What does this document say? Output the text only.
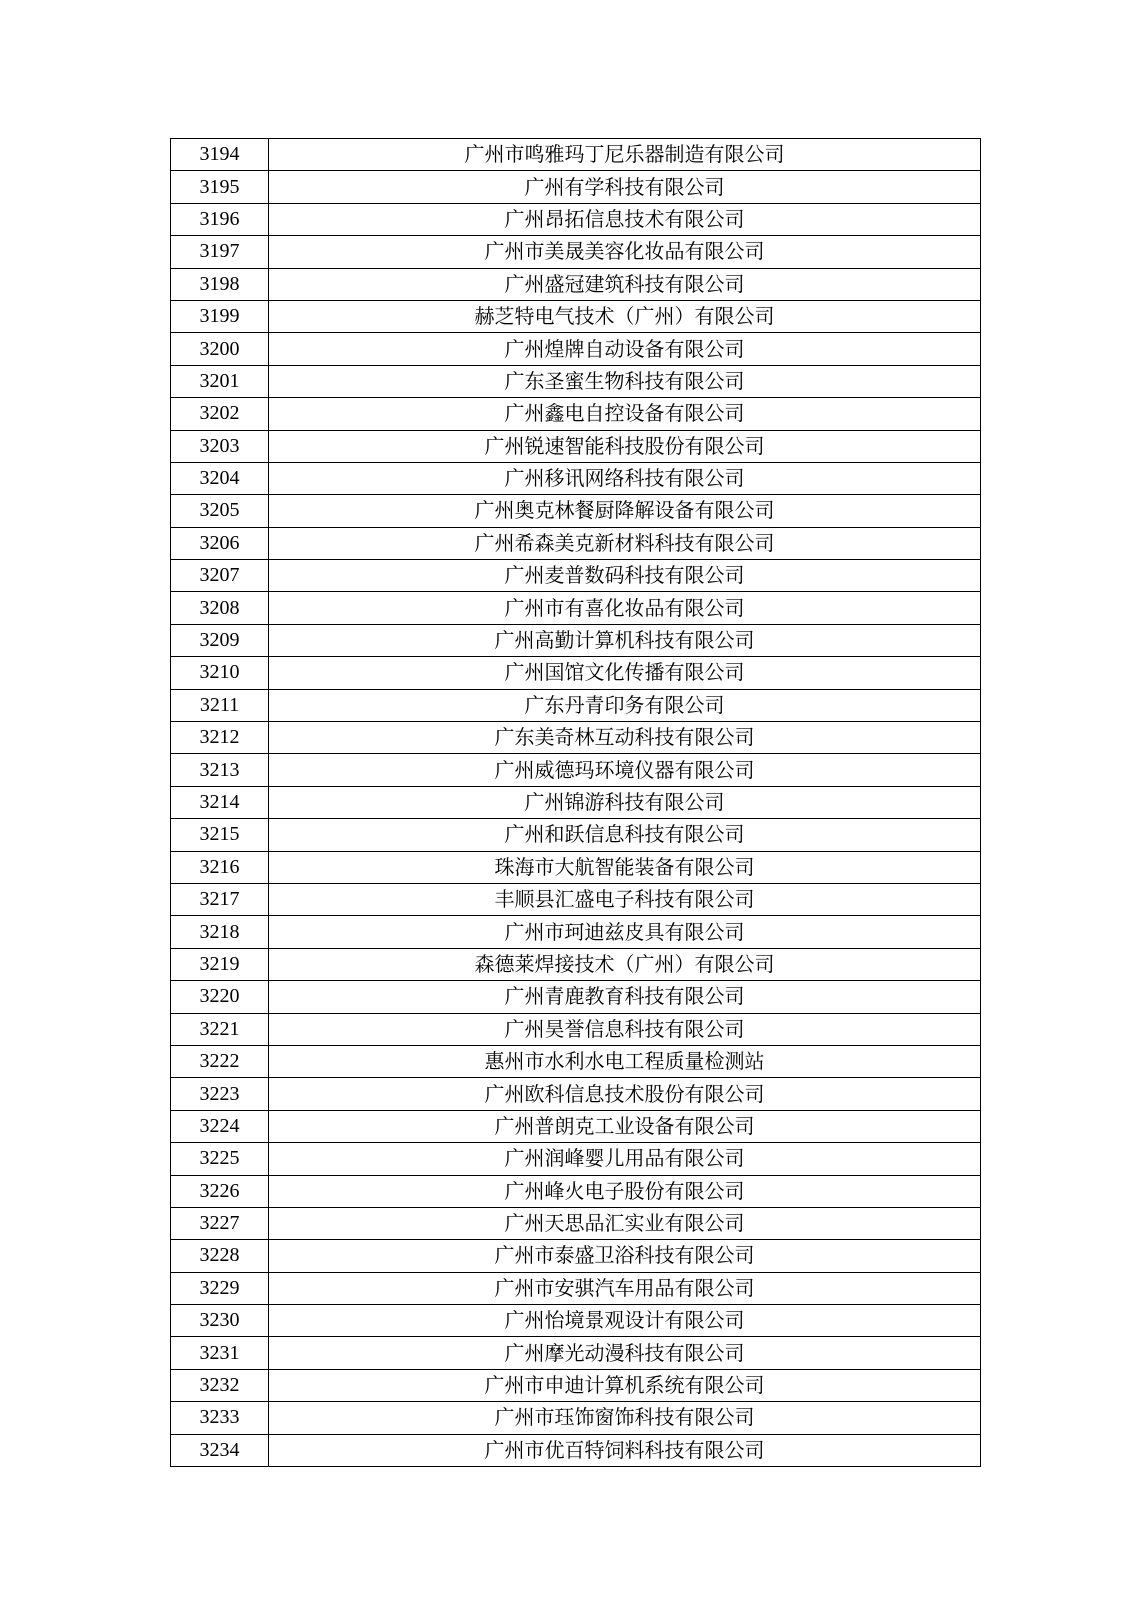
3194	广州市鸣雅玛丁尼乐器制造有限公司
3195	广州有学科技有限公司
3196	广州昂拓信息技术有限公司
3197	广州市美晟美容化妆品有限公司
3198	广州盛冠建筑科技有限公司
3199	赫芝特电气技术（广州）有限公司
3200	广州煌牌自动设备有限公司
3201	广东圣蜜生物科技有限公司
3202	广州鑫电自控设备有限公司
3203	广州锐速智能科技股份有限公司
3204	广州移讯网络科技有限公司
3205	广州奥克林餐厨降解设备有限公司
3206	广州希森美克新材料科技有限公司
3207	广州麦普数码科技有限公司
3208	广州市有喜化妆品有限公司
3209	广州高勤计算机科技有限公司
3210	广州国馆文化传播有限公司
3211	广东丹青印务有限公司
3212	广东美奇林互动科技有限公司
3213	广州威德玛环境仪器有限公司
3214	广州锦游科技有限公司
3215	广州和跃信息科技有限公司
3216	珠海市大航智能装备有限公司
3217	丰顺县汇盛电子科技有限公司
3218	广州市珂迪兹皮具有限公司
3219	森德莱焊接技术（广州）有限公司
3220	广州青鹿教育科技有限公司
3221	广州昊誉信息科技有限公司
3222	惠州市水利水电工程质量检测站
3223	广州欧科信息技术股份有限公司
3224	广州普朗克工业设备有限公司
3225	广州润峰婴儿用品有限公司
3226	广州峰火电子股份有限公司
3227	广州天思品汇实业有限公司
3228	广州市泰盛卫浴科技有限公司
3229	广州市安骐汽车用品有限公司
3230	广州怡境景观设计有限公司
3231	广州摩光动漫科技有限公司
3232	广州市申迪计算机系统有限公司
3233	广州市珏饰窗饰科技有限公司
3234	广州市优百特饲料科技有限公司
